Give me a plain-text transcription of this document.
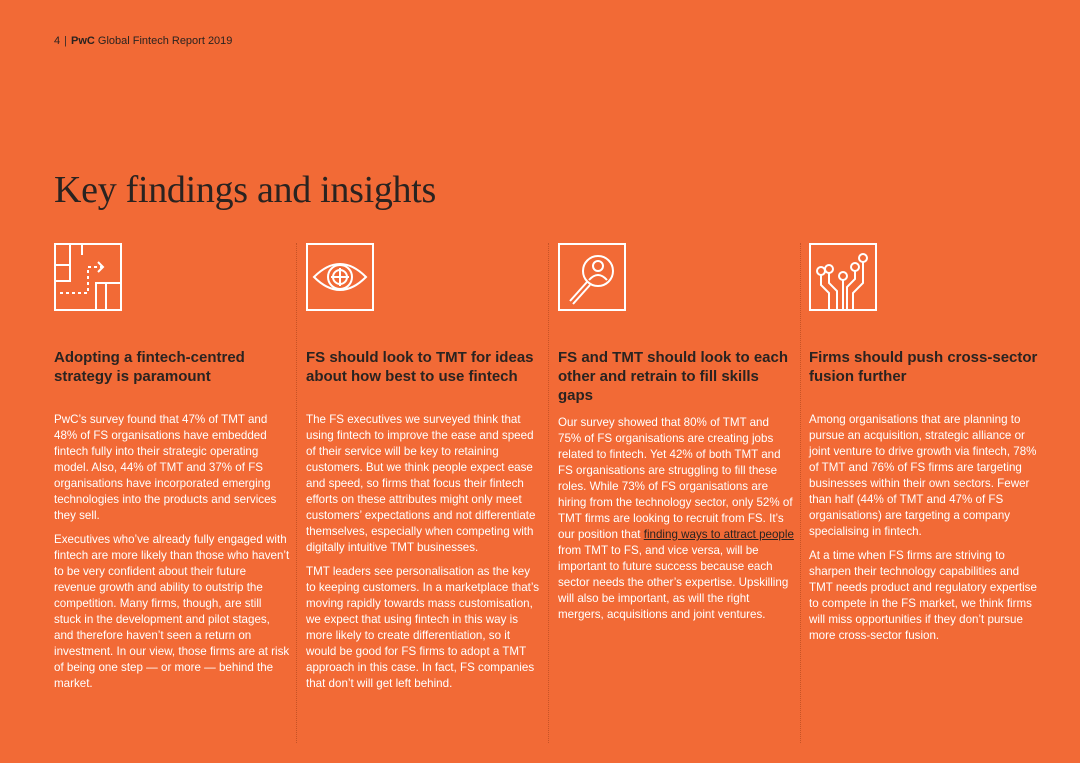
4 | PwC Global Fintech Report 2019
Key findings and insights
Adopting a fintech-centred strategy is paramount

PwC’s survey found that 47% of TMT and 48% of FS organisations have embedded fintech fully into their strategic operating model. Also, 44% of TMT and 37% of FS organisations have incorporated emerging technologies into the products and services they sell.

Executives who’ve already fully engaged with fintech are more likely than those who haven’t to be very confident about their future revenue growth and ability to outstrip the competition. Many firms, though, are still stuck in the development and pilot stages, and therefore haven’t seen a return on investment. In our view, those firms are at risk of being one step — or more — behind the market.

FS should look to TMT for ideas about how best to use fintech

The FS executives we surveyed think that using fintech to improve the ease and speed of their service will be key to retaining customers. But we think people expect ease and speed, so firms that focus their fintech efforts on these attributes might only meet customers’ expectations and not differentiate themselves, especially when competing with digitally intuitive TMT businesses.

TMT leaders see personalisation as the key to keeping customers. In a marketplace that’s moving rapidly towards mass customisation, we expect that using fintech in this way is more likely to create differentiation, so it would be good for FS firms to adopt a TMT approach in this case. In fact, FS companies that don’t will get left behind.

FS and TMT should look to each other and retrain to fill skills gaps

Our survey showed that 80% of TMT and 75% of FS organisations are creating jobs related to fintech. Yet 42% of both TMT and FS organisations are struggling to fill these roles. While 73% of FS organisations are hiring from the technology sector, only 52% of TMT firms are looking to recruit from FS. It’s our position that finding ways to attract people from TMT to FS, and vice versa, will be important to future success because each sector needs the other’s expertise. Upskilling will also be important, as will the right mergers, acquisitions and joint ventures.

Firms should push cross-sector fusion further

Among organisations that are planning to pursue an acquisition, strategic alliance or joint venture to drive growth via fintech, 78% of TMT and 76% of FS firms are targeting businesses within their own sectors. Fewer than half (44% of TMT and 47% of FS organisations) are targeting a company specialising in fintech.

At a time when FS firms are striving to sharpen their technology capabilities and TMT needs product and regulatory expertise to compete in the FS market, we think firms will miss opportunities if they don’t pursue more cross-sector fusion.
